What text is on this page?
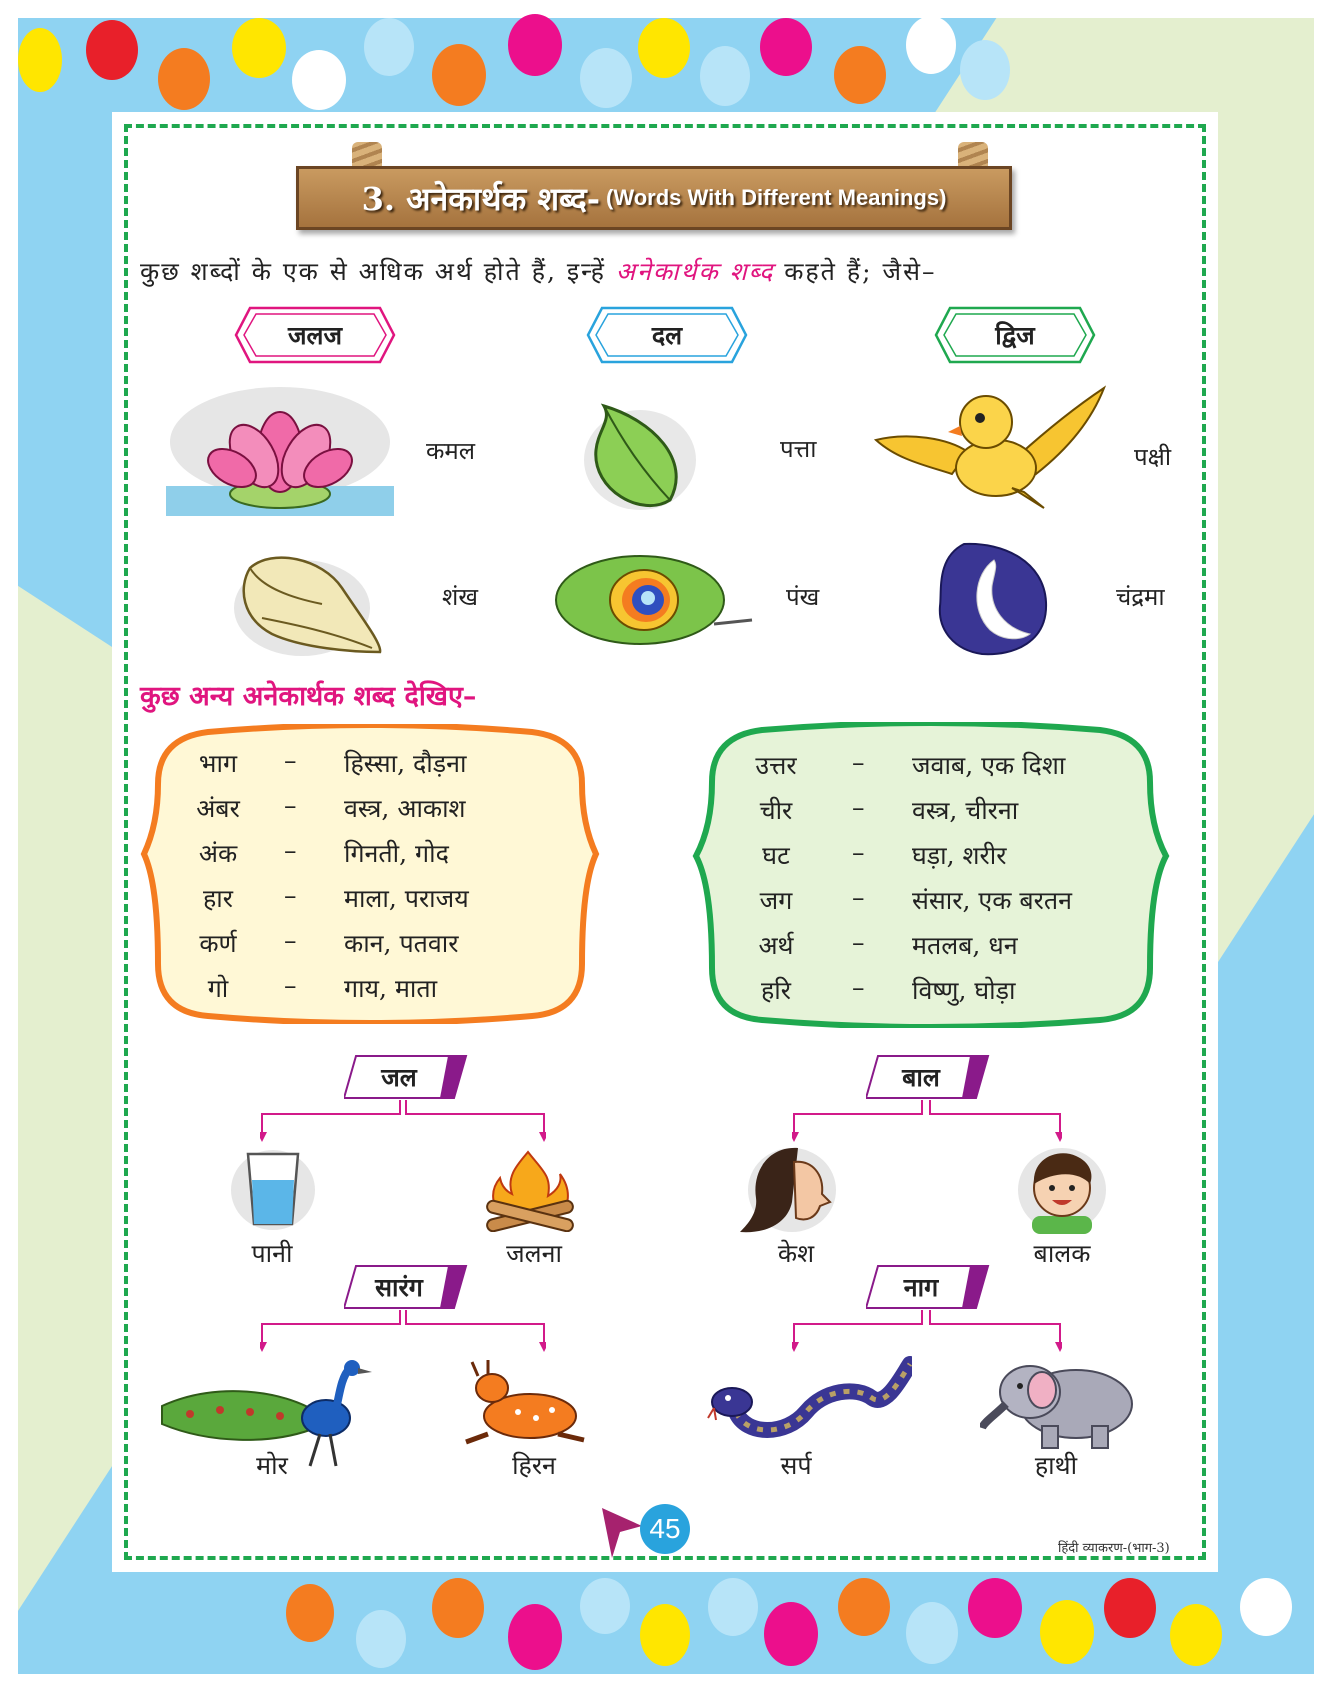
3. अनेकार्थक शब्द- (Words With Different Meanings)
कुछ शब्दों के एक से अधिक अर्थ होते हैं, इन्हें अनेकार्थक शब्द कहते हैं; जैसे–
जलज	दल	द्विज
कमल	पत्ता	पक्षी
शंख	पंख	चंद्रमा
कुछ अन्य अनेकार्थक शब्द देखिए–
भाग	– हिस्सा, दौड़ना
अंबर	– वस्त्र, आकाश
अंक	– गिनती, गोद
हार	– माला, पराजय
कर्ण	– कान, पतवार
गो	– गाय, माता
उत्तर	– जवाब, एक दिशा
चीर	– वस्त्र, चीरना
घट	– घड़ा, शरीर
जग	– संसार, एक बरतन
अर्थ	– मतलब, धन
हरि	– विष्णु, घोड़ा
जल
पानी	जलना
बाल
केश	बालक
सारंग
मोर	हिरन
नाग
सर्प	हाथी
45
हिंदी व्याकरण-(भाग-3)
